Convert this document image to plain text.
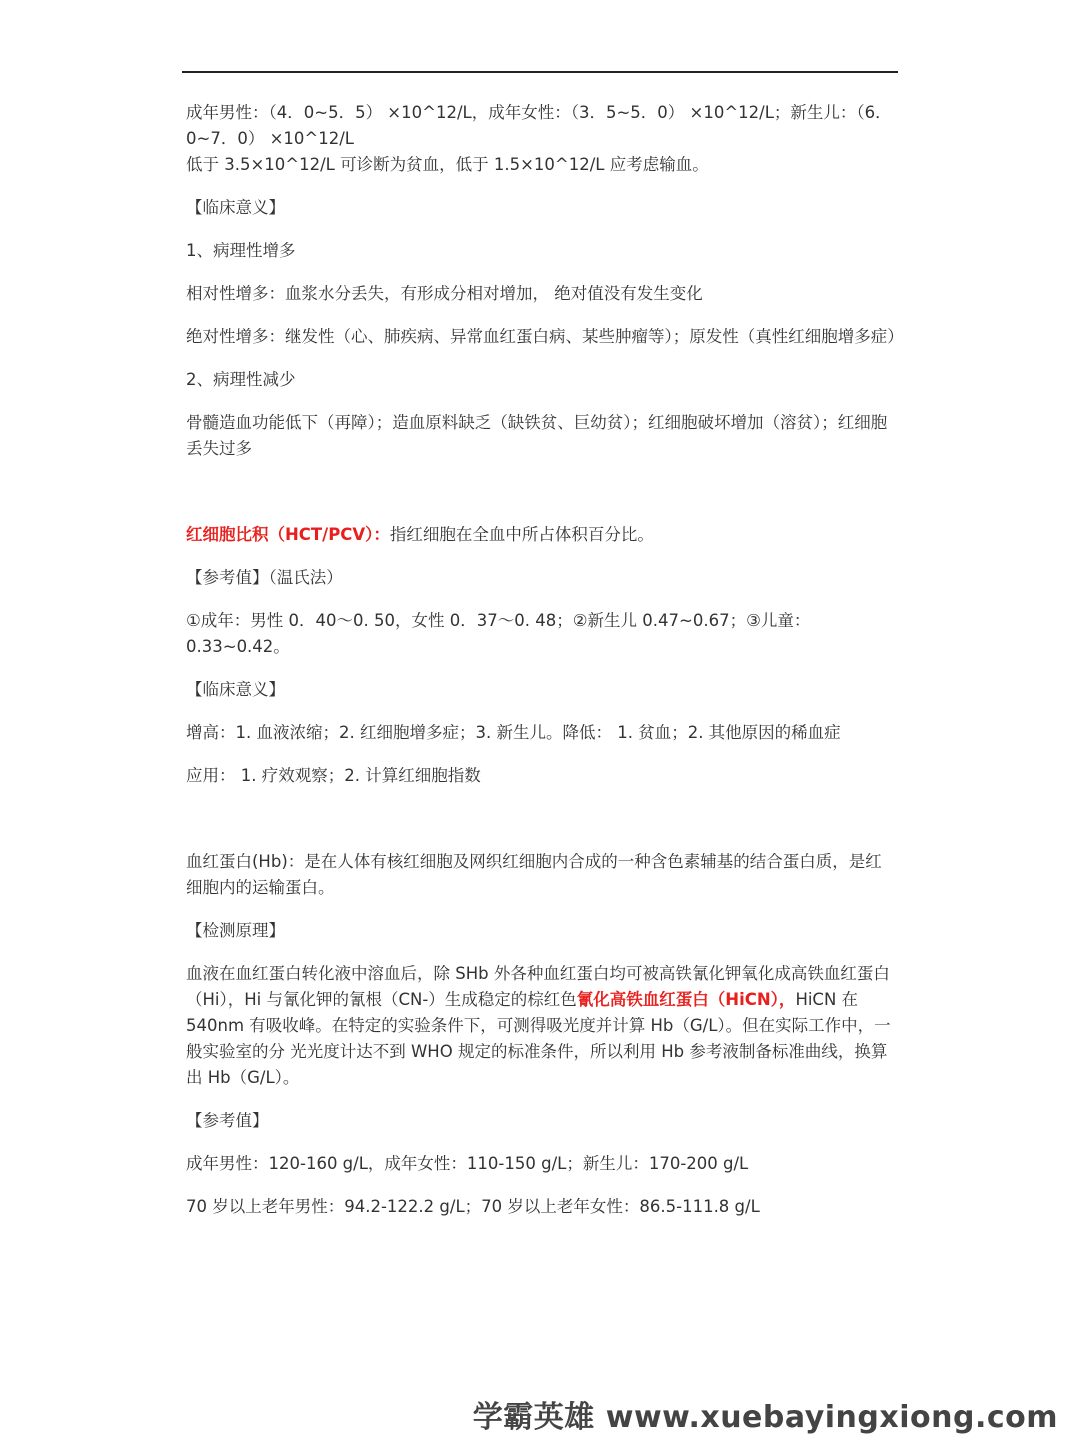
成年男性：（4．0~5．5） ×10^12/L，成年女性：（3．5~5．0） ×10^12/L；新生儿：（6．0~7．0） ×10^12/L

低于 3.5×10^12/L 可诊断为贫血，低于 1.5×10^12/L 应考虑输血。

【临床意义】

1、病理性增多

相对性增多：血浆水分丢失，有形成分相对增加， 绝对值没有发生变化

绝对性增多：继发性（心、肺疾病、异常血红蛋白病、某些肿瘤等）；原发性（真性红细胞增多症）

2、病理性减少

骨髓造血功能低下（再障）；造血原料缺乏（缺铁贫、巨幼贫）；红细胞破坏增加（溶贫）；红细胞丢失过多

红细胞比积（HCT/PCV）：指红细胞在全血中所占体积百分比。

【参考值】（温氏法）

①成年：男性 0．40～0. 50，女性 0．37～0. 48；②新生儿 0.47~0.67；③儿童：0.33~0.42。

【临床意义】

增高：1. 血液浓缩；2. 红细胞增多症；3. 新生儿。降低： 1. 贫血；2. 其他原因的稀血症

应用： 1. 疗效观察；2. 计算红细胞指数

血红蛋白(Hb)：是在人体有核红细胞及网织红细胞内合成的一种含色素辅基的结合蛋白质，是红细胞内的运输蛋白。

【检测原理】

血液在血红蛋白转化液中溶血后，除 SHb 外各种血红蛋白均可被高铁氰化钾氧化成高铁血红蛋白（Hi），Hi 与氰化钾的氰根（CN-）生成稳定的棕红色氰化高铁血红蛋白（HiCN），HiCN 在 540nm 有吸收峰。在特定的实验条件下，可测得吸光度并计算 Hb（G/L）。但在实际工作中，一般实验室的分 光光度计达不到 WHO 规定的标准条件，所以利用 Hb 参考液制备标准曲线，换算出 Hb（G/L）。

【参考值】

成年男性：120-160 g/L，成年女性：110-150 g/L；新生儿：170-200 g/L

70 岁以上老年男性：94.2-122.2 g/L；70 岁以上老年女性：86.5-111.8 g/L

学霸英雄 www.xuebayingxiong.com
